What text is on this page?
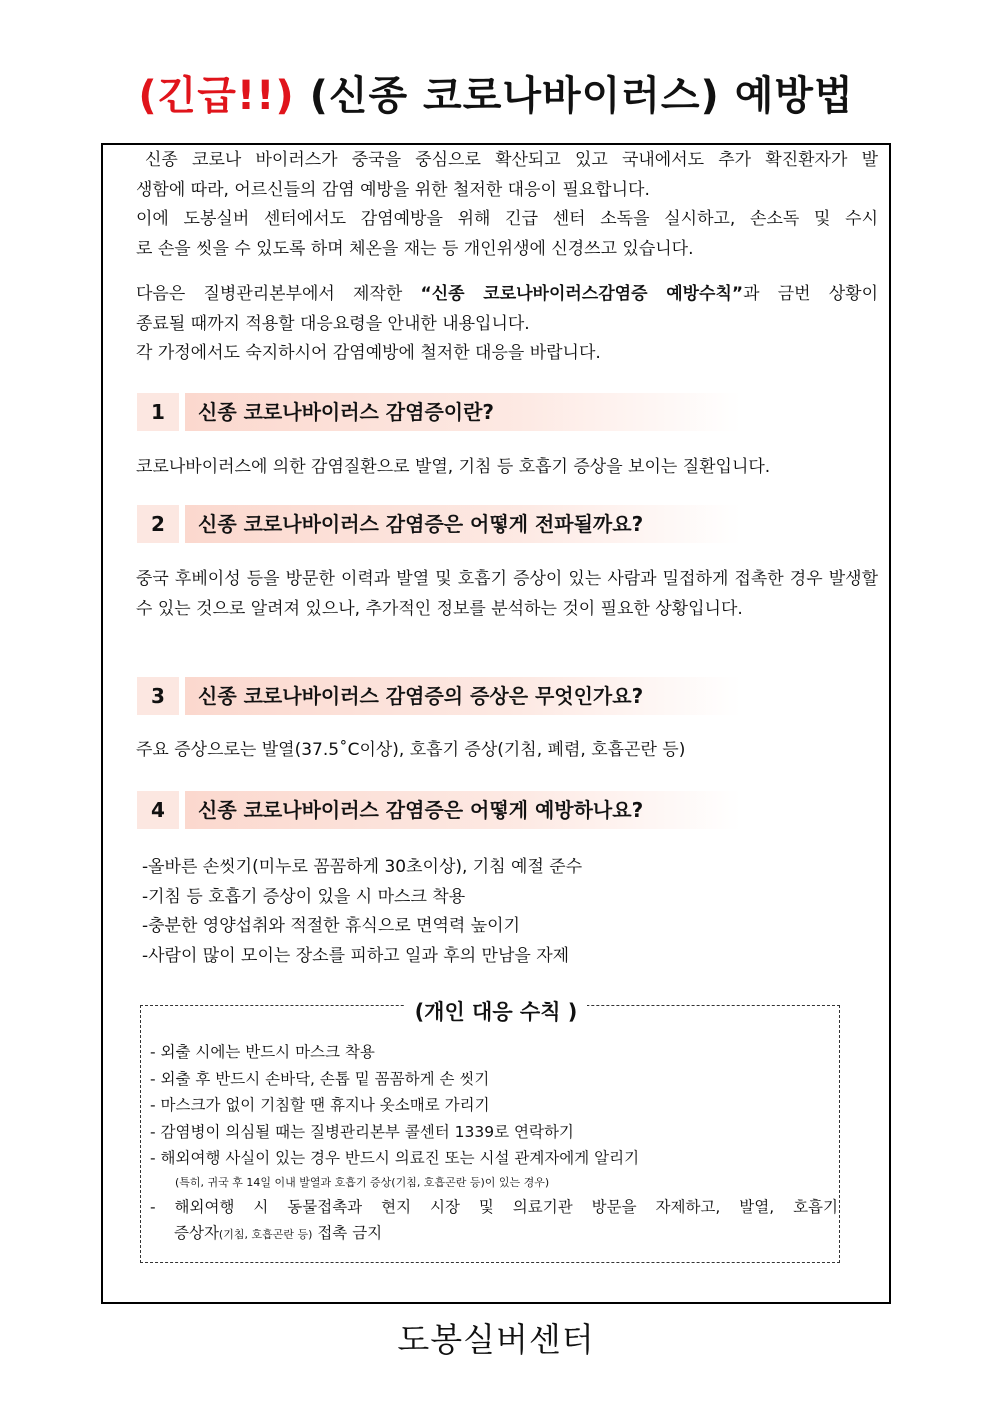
(긴급!!) (신종 코로나바이러스) 예방법

신종 코로나 바이러스가 중국을 중심으로 확산되고 있고 국내에서도 추가 확진환자가 발
생함에 따라, 어르신들의 감염 예방을 위한 철저한 대응이 필요합니다.
이에 도봉실버 센터에서도 감염예방을 위해 긴급 센터 소독을 실시하고, 손소독 및 수시
로 손을 씻을 수 있도록 하며 체온을 재는 등 개인위생에 신경쓰고 있습니다.

다음은 질병관리본부에서 제작한 “신종 코로나바이러스감염증 예방수칙”과 금번 상황이
종료될 때까지 적용할 대응요령을 안내한 내용입니다.
각 가정에서도 숙지하시어 감염예방에 철저한 대응을 바랍니다.

1	신종 코로나바이러스 감염증이란?

코로나바이러스에 의한 감염질환으로 발열, 기침 등 호흡기 증상을 보이는 질환입니다.

2	신종 코로나바이러스 감염증은 어떻게 전파될까요?

중국 후베이성 등을 방문한 이력과 발열 및 호흡기 증상이 있는 사람과 밀접하게 접촉한 경우 발생할 수 있는 것으로 알려져 있으나, 추가적인 정보를 분석하는 것이 필요한 상황입니다.

3	신종 코로나바이러스 감염증의 증상은 무엇인가요?

주요 증상으로는 발열(37.5˚C이상), 호흡기 증상(기침, 폐렴, 호흡곤란 등)

4	신종 코로나바이러스 감염증은 어떻게 예방하나요?
-올바른 손씻기(미누로 꼼꼼하게 30초이상), 기침 예절 준수
-기침 등 호흡기 증상이 있을 시 마스크 착용
-충분한 영양섭취와 적절한 휴식으로 면역력 높이기
-사람이 많이 모이는 장소를 피하고 일과 후의 만남을 자제
(개인 대응 수칙 )
- 외출 시에는 반드시 마스크 착용
- 외출 후 반드시 손바닥, 손톱 밑 꼼꼼하게 손 씻기
- 마스크가 없이 기침할 땐 휴지나 옷소매로 가리기
- 감염병이 의심될 때는 질병관리본부 콜센터 1339로 연락하기
- 해외여행 사실이 있는 경우 반드시 의료진 또는 시설 관계자에게 알리기
(특히, 귀국 후 14일 이내 발열과 호흡기 증상(기침, 호흡곤란 등)이 있는 경우)
- 해외여행 시 동물접촉과 현지 시장 및 의료기관 방문을 자제하고, 발열, 호흡기
증상자(기침, 호흡곤란 등) 접촉 금지
도봉실버센터
